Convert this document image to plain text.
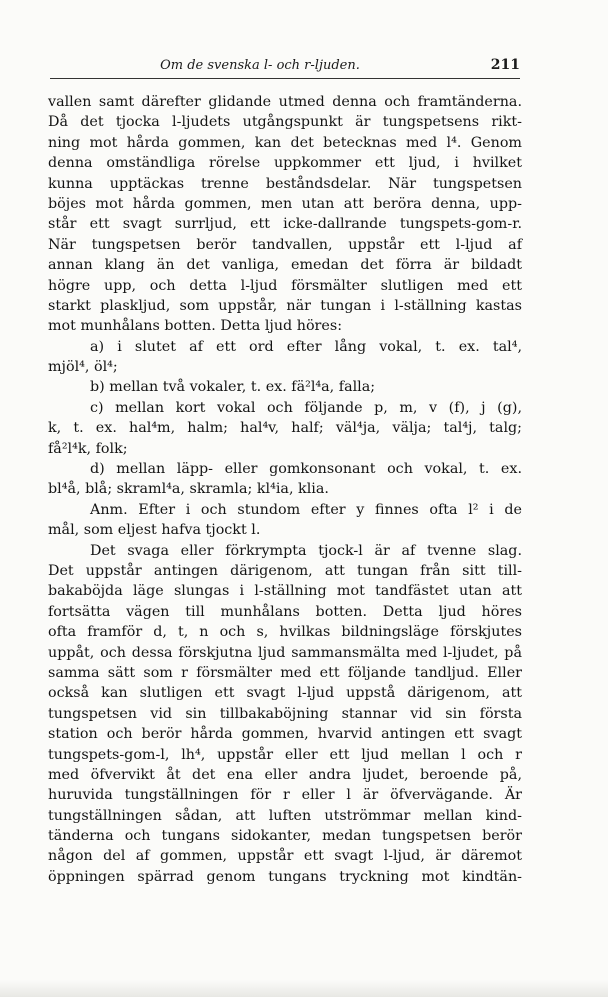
Om de svenska l- och r-ljuden.	211
vallen samt därefter glidande utmed denna och framtänderna.
Då det tjocka l-ljudets utgångspunkt är tungspetsens rikt-
ning mot hårda gommen, kan det betecknas med l⁴. Genom
denna omständliga rörelse uppkommer ett ljud, i hvilket
kunna upptäckas trenne beståndsdelar. När tungspetsen
böjes mot hårda gommen, men utan att beröra denna, upp-
står ett svagt surrljud, ett icke-dallrande tungspets-gom-r.
När tungspetsen berör tandvallen, uppstår ett l-ljud af
annan klang än det vanliga, emedan det förra är bildadt
högre upp, och detta l-ljud försmälter slutligen med ett
starkt plaskljud, som uppstår, när tungan i l-ställning kastas
mot munhålans botten. Detta ljud höres:
a) i slutet af ett ord efter lång vokal, t. ex. tal⁴,
mjöl⁴, öl⁴;
b) mellan två vokaler, t. ex. fä²l⁴a, falla;
c) mellan kort vokal och följande p, m, v (f), j (g),
k, t. ex. hal⁴m, halm; hal⁴v, half; väl⁴ja, välja; tal⁴j, talg;
få²l⁴k, folk;
d) mellan läpp- eller gomkonsonant och vokal, t. ex.
bl⁴å, blå; skraml⁴a, skramla; kl⁴ia, klia.
Anm. Efter i och stundom efter y finnes ofta l² i de
mål, som eljest hafva tjockt l.
Det svaga eller förkrympta tjock-l är af tvenne slag.
Det uppstår antingen därigenom, att tungan från sitt till-
bakaböjda läge slungas i l-ställning mot tandfästet utan att
fortsätta vägen till munhålans botten. Detta ljud höres
ofta framför d, t, n och s, hvilkas bildningsläge förskjutes
uppåt, och dessa förskjutna ljud sammansmälta med l-ljudet, på
samma sätt som r försmälter med ett följande tandljud. Eller
också kan slutligen ett svagt l-ljud uppstå därigenom, att
tungspetsen vid sin tillbakaböjning stannar vid sin första
station och berör hårda gommen, hvarvid antingen ett svagt
tungspets-gom-l, lh⁴, uppstår eller ett ljud mellan l och r
med öfvervikt åt det ena eller andra ljudet, beroende på,
huruvida tungställningen för r eller l är öfvervägande. Är
tungställningen sådan, att luften utströmmar mellan kind-
tänderna och tungans sidokanter, medan tungspetsen berör
någon del af gommen, uppstår ett svagt l-ljud, är däremot
öppningen spärrad genom tungans tryckning mot kindtän-
